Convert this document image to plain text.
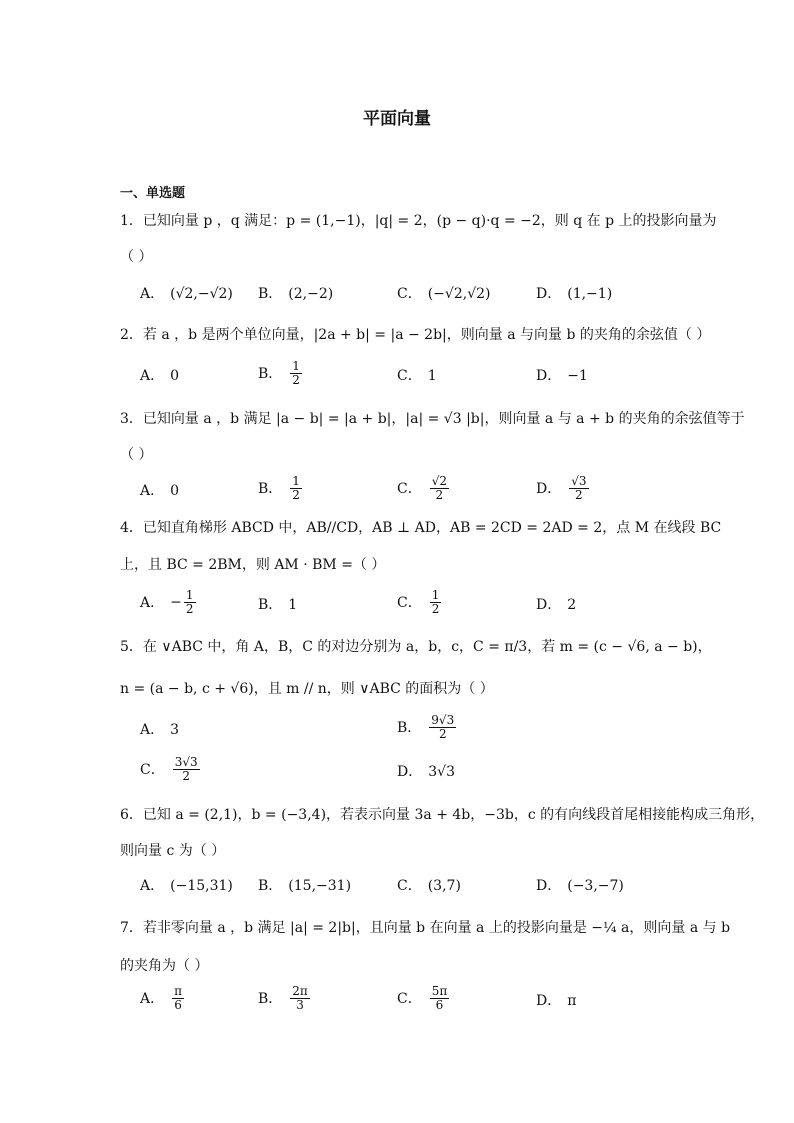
平面向量
一、单选题
1．已知向量 p ，q 满足：p = (1,−1)，|q| = 2，(p − q)·q = −2，则 q 在 p 上的投影向量为
（ ）
A． (√2,−√2) B． (2,−2)	C． (−√2,√2)	D． (1,−1)
2．若 a ，b 是两个单位向量，|2a + b| = |a − 2b|，则向量 a 与向量 b 的夹角的余弦值（ ）
A． 0	B． $\frac{1}{2}$	C． 1	D． −1
3．已知向量 a ，b 满足 |a − b| = |a + b|，|a| = √3 |b|，则向量 a 与 a + b 的夹角的余弦值等于
（ ）
A． 0	B． $\frac{1}{2}$	C． $\frac{√2}{2}$	D． $\frac{√3}{2}$
4．已知直角梯形 ABCD 中，AB//CD，AB ⊥ AD，AB = 2CD = 2AD = 2，点 M 在线段 BC
上，且 BC = 2BM，则 AM · BM =（ ）
A． − $\frac{1}{2}$	B． 1	C． $\frac{1}{2}$	D． 2
5．在 ∨ABC 中，角 A，B，C 的对边分别为 a，b，c，C = π/3，若 m = (c − √6, a − b)，
n = (a − b, c + √6)，且 m // n，则 ∨ABC 的面积为（ ）
A． 3	B． $\frac{9√3}{2}$
C． $\frac{3√3}{2}$	D． 3√3
6．已知 a = (2,1)，b = (−3,4)，若表示向量 3a + 4b，−3b，c 的有向线段首尾相接能构成三角形，
则向量 c 为（ ）
A． (−15,31) B． (15,−31)	C． (3,7)	D． (−3,−7)
7．若非零向量 a ，b 满足 |a| = 2|b|，且向量 b 在向量 a 上的投影向量是 −¼ a，则向量 a 与 b
的夹角为（ ）
A． $\frac{\pi}{6}$	B． $\frac{2\pi}{3}$	C． $\frac{5\pi}{6}$	D． π
